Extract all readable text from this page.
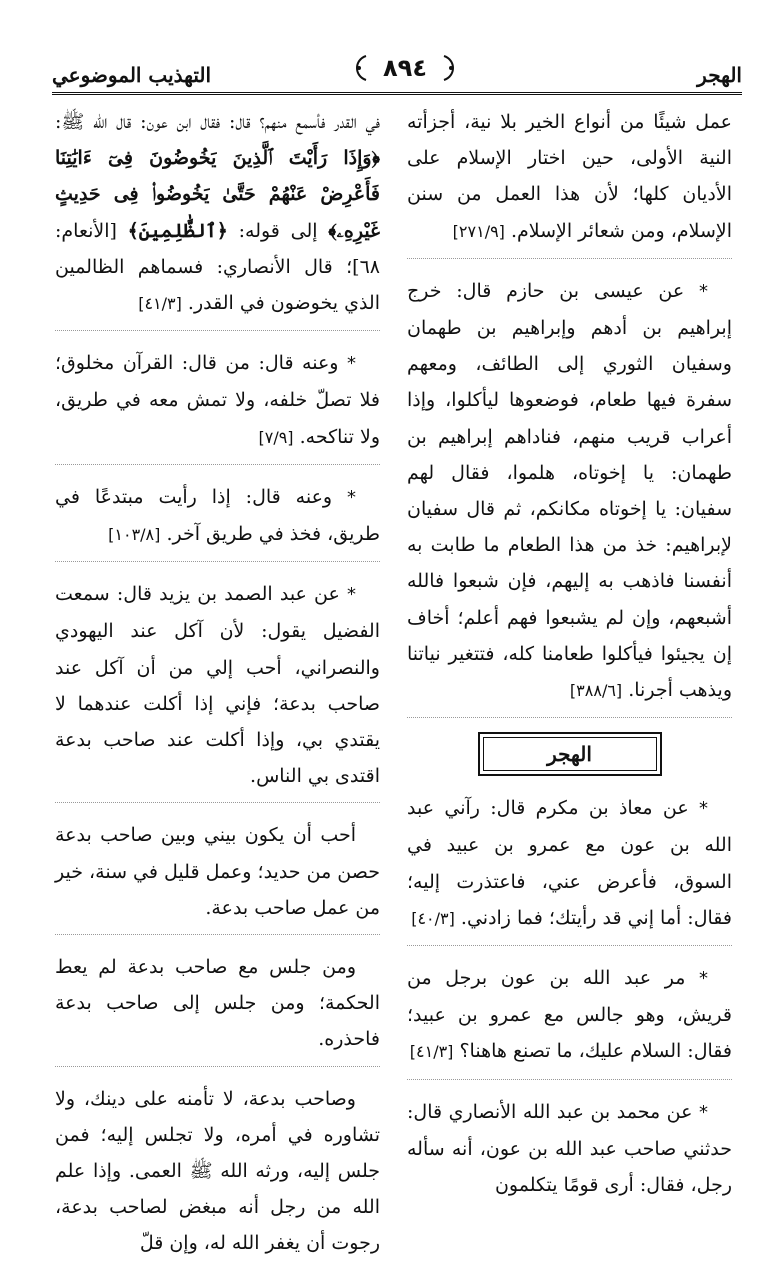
الهجر
التهذيب الموضوعي	٨٩٤

عمل شيئًا من أنواع الخير بلا نية، أجزأته النية الأولى، حين اختار الإسلام على الأديان كلها؛ لأن هذا العمل من سنن الإسلام، ومن شعائر الإسلام. [٢٧١/٩]

* عن عيسى بن حازم قال: خرج إبراهيم بن أدهم وإبراهيم بن طهمان وسفيان الثوري إلى الطائف، ومعهم سفرة فيها طعام، فوضعوها ليأكلوا، وإذا أعراب قريب منهم، فناداهم إبراهيم بن طهمان: يا إخوتاه، هلموا، فقال لهم سفيان: يا إخوتاه مكانكم، ثم قال سفيان لإبراهيم: خذ من هذا الطعام ما طابت به أنفسنا فاذهب به إليهم، فإن شبعوا فالله أشبعهم، وإن لم يشبعوا فهم أعلم؛ أخاف إن يجيئوا فيأكلوا طعامنا كله، فتتغير نياتنا ويذهب أجرنا. [٣٨٨/٦]

الهجر

* عن معاذ بن مكرم قال: رآني عبد الله بن عون مع عمرو بن عبيد في السوق، فأعرض عني، فاعتذرت إليه؛ فقال: أما إني قد رأيتك؛ فما زادني. [٤٠/٣]

* مر عبد الله بن عون برجل من قريش، وهو جالس مع عمرو بن عبيد؛ فقال: السلام عليك، ما تصنع هاهنا؟ [٤١/٣]

* عن محمد بن عبد الله الأنصاري قال: حدثني صاحب عبد الله بن عون، أنه سأله رجل، فقال: أرى قومًا يتكلمون

في القدر فأسمع منهم؟ قال: فقال ابن عون: قال الله ﷺ: ﴿وَإِذَا رَأَيْتَ ٱلَّذِينَ يَخُوضُونَ فِىٓ ءَايَٰتِنَا فَأَعْرِضْ عَنْهُمْ حَتَّىٰ يَخُوضُوا۟ فِى حَدِيثٍ غَيْرِهِۦ﴾ إلى قوله: ﴿ٱلظَّٰلِمِينَ﴾ [الأنعام: ٦٨]؛ قال الأنصاري: فسماهم الظالمين الذي يخوضون في القدر. [٤١/٣]

* وعنه قال: من قال: القرآن مخلوق؛ فلا تصلّ خلفه، ولا تمش معه في طريق، ولا تناكحه. [٧/٩]

* وعنه قال: إذا رأيت مبتدعًا في طريق، فخذ في طريق آخر. [١٠٣/٨]

* عن عبد الصمد بن يزيد قال: سمعت الفضيل يقول: لأن آكل عند اليهودي والنصراني، أحب إلي من أن آكل عند صاحب بدعة؛ فإني إذا أكلت عندهما لا يقتدي بي، وإذا أكلت عند صاحب بدعة اقتدى بي الناس.

أحب أن يكون بيني وبين صاحب بدعة حصن من حديد؛ وعمل قليل في سنة، خير من عمل صاحب بدعة.

ومن جلس مع صاحب بدعة لم يعط الحكمة؛ ومن جلس إلى صاحب بدعة فاحذره.

وصاحب بدعة، لا تأمنه على دينك، ولا تشاوره في أمره، ولا تجلس إليه؛ فمن جلس إليه، ورثه الله ﷺ العمى. وإذا علم الله من رجل أنه مبغض لصاحب بدعة، رجوت أن يغفر الله له، وإن قلّ
